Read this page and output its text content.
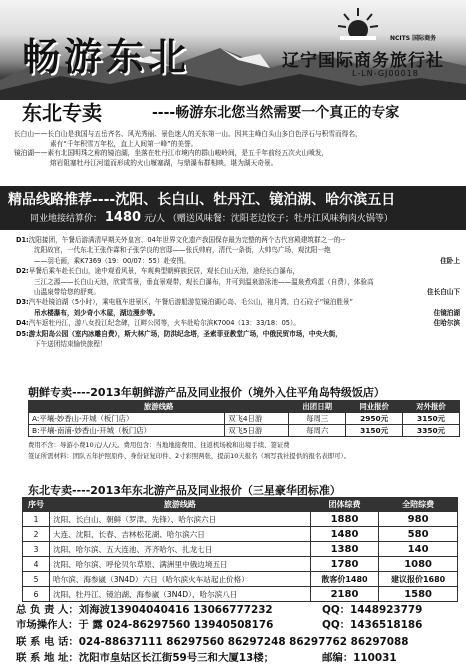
畅游东北	NCITS 国际商务
辽宁国际商务旅行社
L-LN-GJ00018
东北专卖	----畅游东北您当然需要一个真正的专家

长白山——长白山是我国与五岳齐名、风光秀丽、景色迷人的关东第一山。因其主峰白头山多白色浮石与积雪而得名，

素有“千年积雪万年松，直上人间第一峰”的美誉。

镜泊湖——素有北国明珠之称的镜泊湖，坐落在牡丹江市境内的群山峻岭间，是五千年前经五次火山喷发，

熔岩阻塞牡丹江河道而形成的火山堰塞湖，与鼎瀑布群相映，堪为湖天奇景。

精品线路推荐----沈阳、长白山、牡丹江、镜泊湖、哈尔滨五日
同业地接结算价： 1480 元/人 （赠送风味餐：沈阳老边饺子；牡丹江风味狗肉火锅等）
D1:沈阳接团，午餐后游满清早期关外皇宫、04年世界文化遗产我国保存最为完整的两个古代宫殿建筑群之一的--
沈阳故宫，一代东北王张作霖和子张学良的官邸——张氏帅府，清代一条街，大帅鸟广场，观沈阳一绝
——羽毛画，乘K7369（19：00/07：55）赴安图。	住卧上
D2:早餐后乘车赴长白山，途中观看风景，车观典型朝鲜族民居，观长白山天池，途经长白瀑布，
三江之源——长白山天池，欣赏雪景，垂直景观带，观长白瀑布，并可到温泉游泳池——温泉煮鸡蛋（自费），体验高
山温泉带给您的舒爽。	住长白山下
D3:汽车赴镜泊湖（5小时），乘电瓶车进景区，午餐后游船游览镜泊湖心岛、毛公山，袍月湾，白石砬子“镜泊胜景”
吊水楼瀑布，刘少奇小木屋，湖边漫步等。	住镜泊湖
D4:汽车返牡丹江，游八女投江纪念碑，江畔公园等，火车赴哈尔滨K7004（13：33/18：05）。	住哈尔滨
D5:游太阳岛公园（室内冰雕自费），斯大林广场，防洪纪念塔，圣索菲亚教堂广场，中俄民贸市场，中央大街，
下午送团结束愉快旅程！
朝鲜专卖----2013年朝鲜游产品及同业报价（境外入住平角岛特级饭店）
旅游线路		出团日期	同业报价	对外报价
A:平壤-妙香山-开城（板门店）	双飞4日游	每周三	2950元	3150元
B:平壤-南浦-妙香山-开城（板门店）	双飞5日游	每周六	3150元	3350元

费用不含：导游小费10元/人/天。费用包含：当地地接费用、往返机场税和出境手续、签证费

签证所需材料：团队五年护照原件、身份证复印件、2寸彩照两张，提前10天报名（填写我社提供的报名表即可）。

东北专卖----2013年东北游产品及同业报价（三星豪华团标准）
序号	旅游线路	团体综费	全陪综费
1	沈阳、长白山、朝鲜（罗津、先锋）、哈尔滨六日	1880	980
2	大连、沈阳、长春、吉林松花湖、哈尔滨六日	1480	580
3	沈阳、哈尔滨、五大连池、齐齐哈尔、扎龙七日	1380	140
4	沈阳、哈尔滨、呼伦贝尔草原、满洲里中俄边境五日	1780	1080
5	哈尔滨、海参崴（3N4D）六日（哈尔滨火车站起止价格）	散客价1480	建议报价1680
6	沈阳、牡丹江、镜泊湖、海参崴（3N4D）、哈尔滨八日	2180	1580
总 负 责 人：刘海波13904040416 13066777232	QQ：1448923779
市场操作人：于 露 024-86297560 13940508176	QQ：1436518186
联 系 电 话：024-88637111 86297560 86297248 86297762 86297088
联 系 地 址：沈阳市皇姑区长江街59号三和大厦13楼；	邮编：110031
